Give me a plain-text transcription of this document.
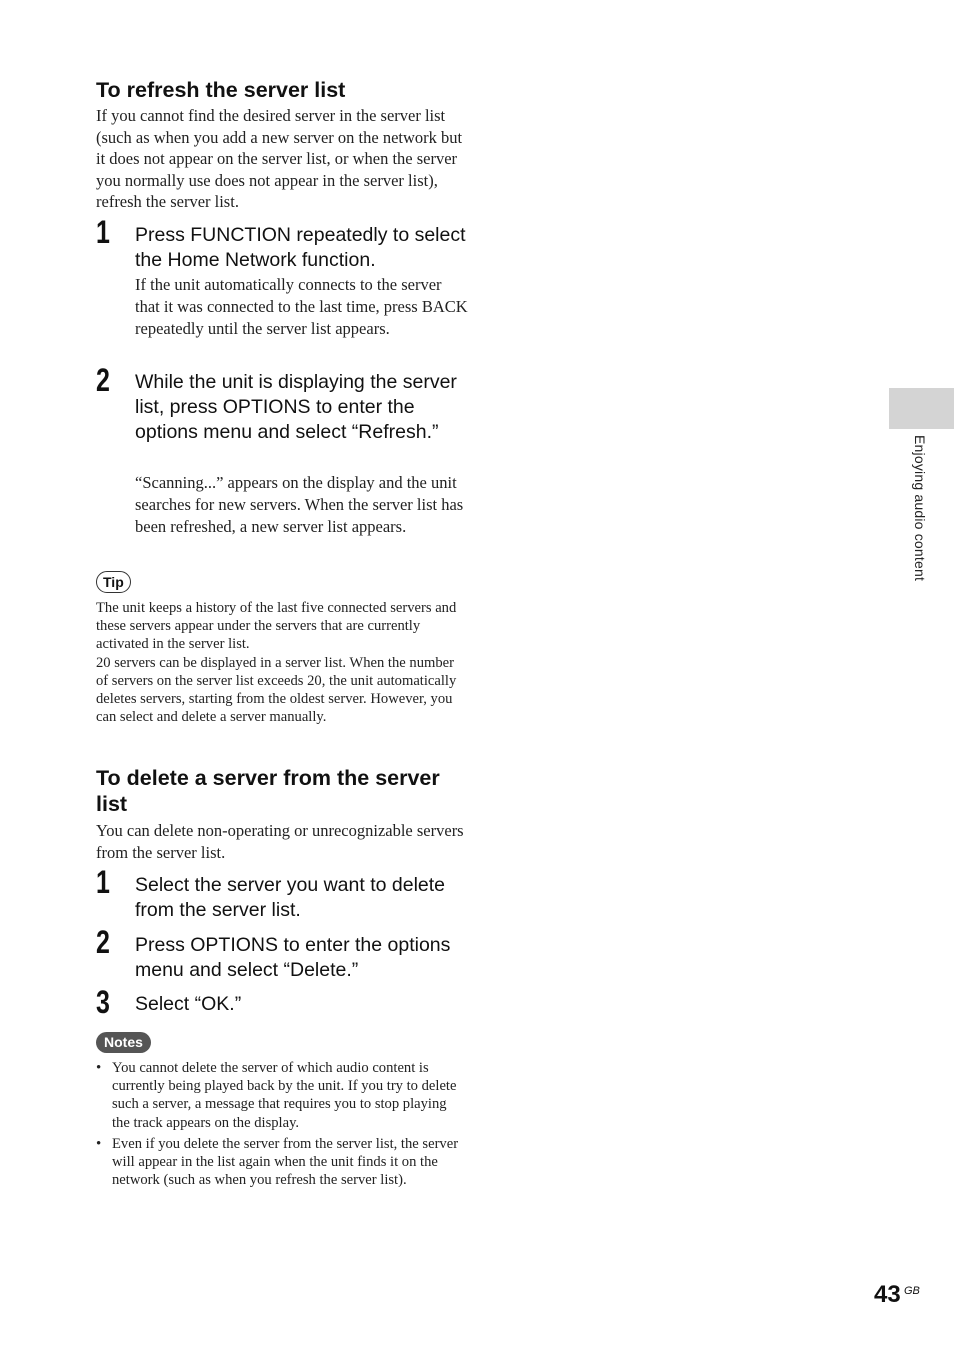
To refresh the server list

If you cannot find the desired server in the server list (such as when you add a new server on the network but it does not appear on the server list, or when the server you normally use does not appear in the server list), refresh the server list.

1 Press FUNCTION repeatedly to select the Home Network function.

If the unit automatically connects to the server that it was connected to the last time, press BACK repeatedly until the server list appears.

2 While the unit is displaying the server list, press OPTIONS to enter the options menu and select “Refresh.”

“Scanning...” appears on the display and the unit searches for new servers. When the server list has been refreshed, a new server list appears.

Tip
The unit keeps a history of the last five connected servers and these servers appear under the servers that are currently activated in the server list.
20 servers can be displayed in a server list. When the number of servers on the server list exceeds 20, the unit automatically deletes servers, starting from the oldest server. However, you can select and delete a server manually.
To delete a server from the server list

You can delete non-operating or unrecognizable servers from the server list.

1 Select the server you want to delete from the server list.
2 Press OPTIONS to enter the options menu and select “Delete.”
3 Select “OK.”
Notes
• You cannot delete the server of which audio content is currently being played back by the unit. If you try to delete such a server, a message that requires you to stop playing the track appears on the display.
• Even if you delete the server from the server list, the server will appear in the list again when the unit finds it on the network (such as when you refresh the server list).
Enjoying audio content
43 GB
